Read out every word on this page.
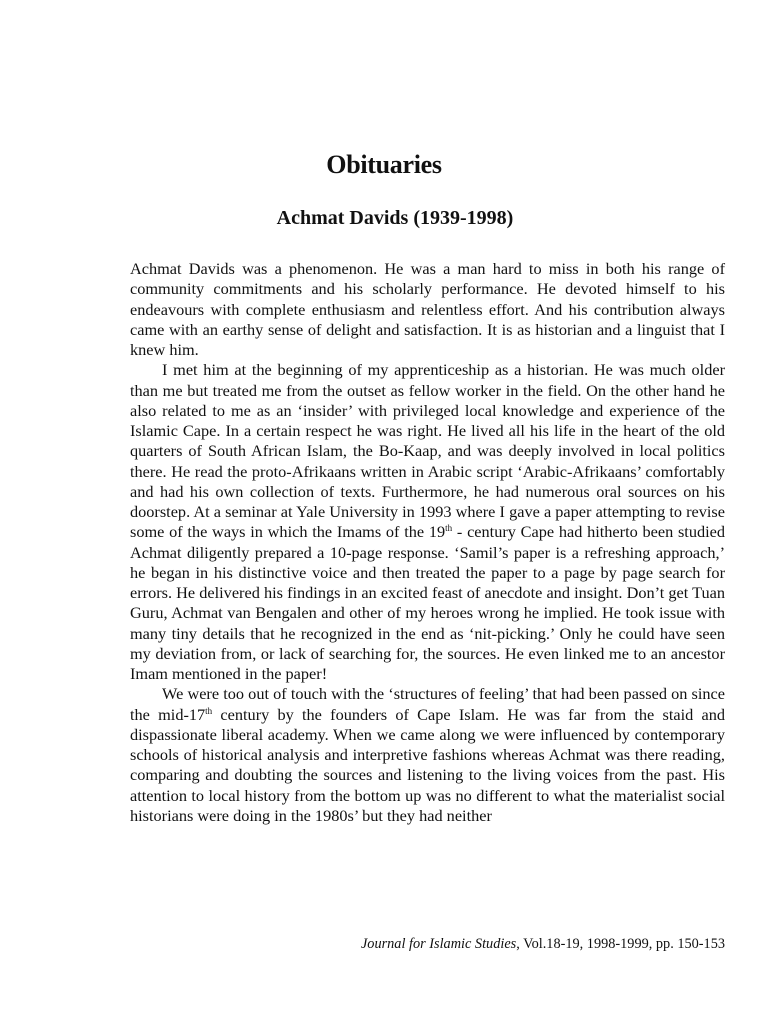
Obituaries
Achmat Davids (1939-1998)

Achmat Davids was a phenomenon. He was a man hard to miss in both his range of community commitments and his scholarly performance. He devoted himself to his endeavours with complete enthusiasm and relentless effort. And his contribution always came with an earthy sense of delight and satisfaction. It is as historian and a linguist that I knew him.

I met him at the beginning of my apprenticeship as a historian. He was much older than me but treated me from the outset as fellow worker in the field. On the other hand he also related to me as an ‘insider’ with privileged local knowledge and experience of the Islamic Cape. In a certain respect he was right. He lived all his life in the heart of the old quarters of South African Islam, the Bo-Kaap, and was deeply involved in local politics there. He read the proto-Afrikaans written in Arabic script ‘Arabic-Afrikaans’ comfortably and had his own collection of texts. Furthermore, he had numerous oral sources on his doorstep. At a seminar at Yale University in 1993 where I gave a paper attempting to revise some of the ways in which the Imams of the 19th - century Cape had hitherto been studied Achmat diligently prepared a 10-page response. ‘Samil’s paper is a refreshing approach,’ he began in his distinctive voice and then treated the paper to a page by page search for errors. He delivered his findings in an excited feast of anecdote and insight. Don’t get Tuan Guru, Achmat van Bengalen and other of my heroes wrong he implied. He took issue with many tiny details that he recognized in the end as ‘nit-picking.’ Only he could have seen my deviation from, or lack of searching for, the sources. He even linked me to an ancestor Imam mentioned in the paper!

We were too out of touch with the ‘structures of feeling’ that had been passed on since the mid-17th century by the founders of Cape Islam. He was far from the staid and dispassionate liberal academy. When we came along we were influenced by contemporary schools of historical analysis and interpretive fashions whereas Achmat was there reading, comparing and doubting the sources and listening to the living voices from the past. His attention to local history from the bottom up was no different to what the materialist social historians were doing in the 1980s’ but they had neither

Journal for Islamic Studies, Vol.18-19, 1998-1999, pp. 150-153
